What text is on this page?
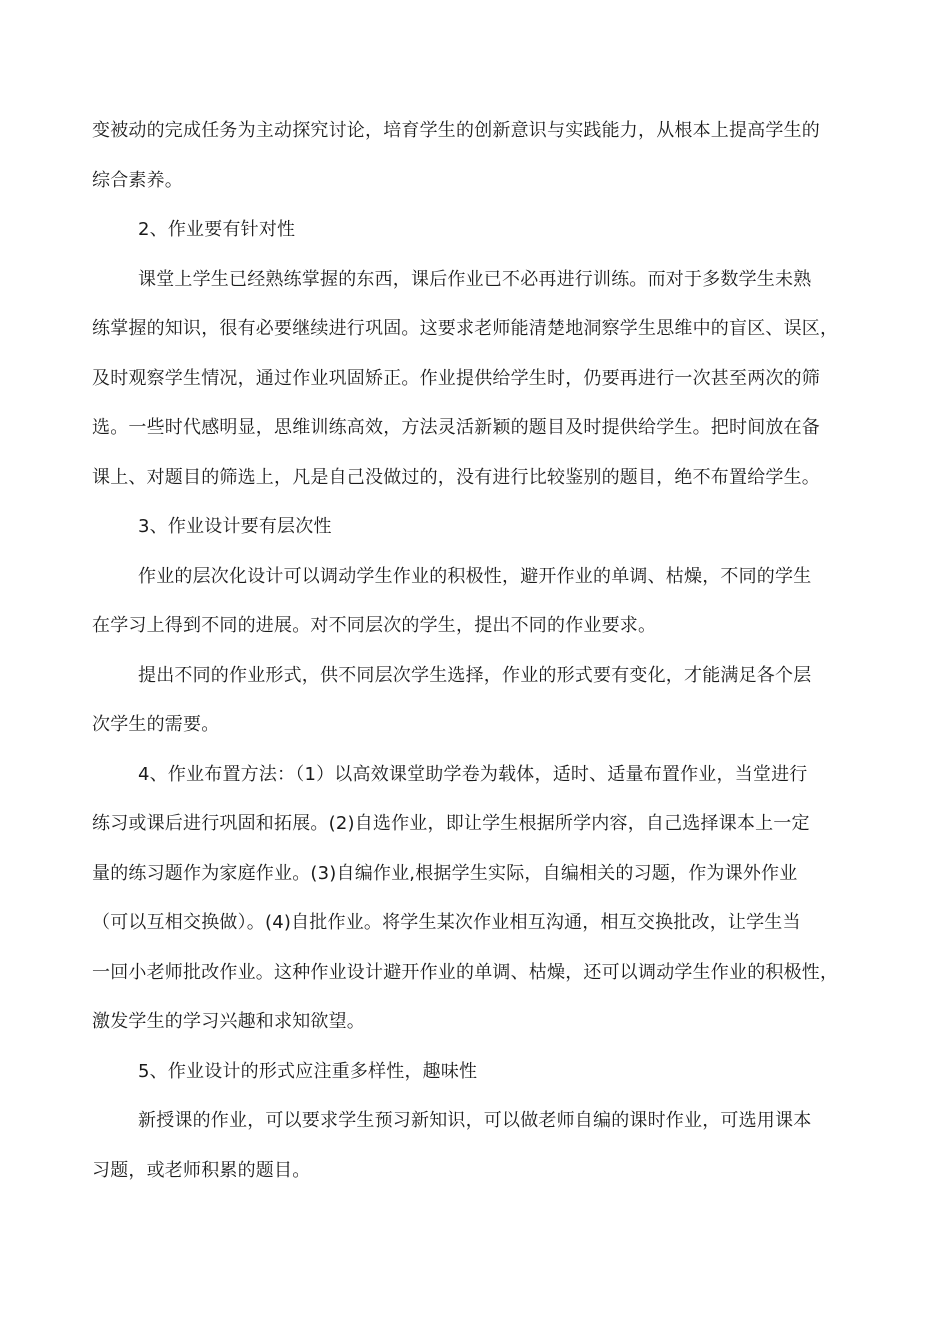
变被动的完成任务为主动探究讨论，培育学生的创新意识与实践能力，从根本上提高学生的
综合素养。

2、作业要有针对性

课堂上学生已经熟练掌握的东西，课后作业已不必再进行训练。而对于多数学生未熟
练掌握的知识，很有必要继续进行巩固。这要求老师能清楚地洞察学生思维中的盲区、误区，
及时观察学生情况，通过作业巩固矫正。作业提供给学生时，仍要再进行一次甚至两次的筛
选。一些时代感明显，思维训练高效，方法灵活新颖的题目及时提供给学生。把时间放在备
课上、对题目的筛选上，凡是自己没做过的，没有进行比较鉴别的题目，绝不布置给学生。

3、作业设计要有层次性

作业的层次化设计可以调动学生作业的积极性，避开作业的单调、枯燥，不同的学生
在学习上得到不同的进展。对不同层次的学生，提出不同的作业要求。

提出不同的作业形式，供不同层次学生选择，作业的形式要有变化，才能满足各个层
次学生的需要。

4、作业布置方法：（1）以高效课堂助学卷为载体，适时、适量布置作业，当堂进行
练习或课后进行巩固和拓展。(2)自选作业，即让学生根据所学内容，自己选择课本上一定
量的练习题作为家庭作业。(3)自编作业,根据学生实际，自编相关的习题，作为课外作业
（可以互相交换做）。(4)自批作业。将学生某次作业相互沟通，相互交换批改，让学生当
一回小老师批改作业。这种作业设计避开作业的单调、枯燥，还可以调动学生作业的积极性，
激发学生的学习兴趣和求知欲望。

5、作业设计的形式应注重多样性，趣味性

新授课的作业，可以要求学生预习新知识，可以做老师自编的课时作业，可选用课本
习题，或老师积累的题目。
